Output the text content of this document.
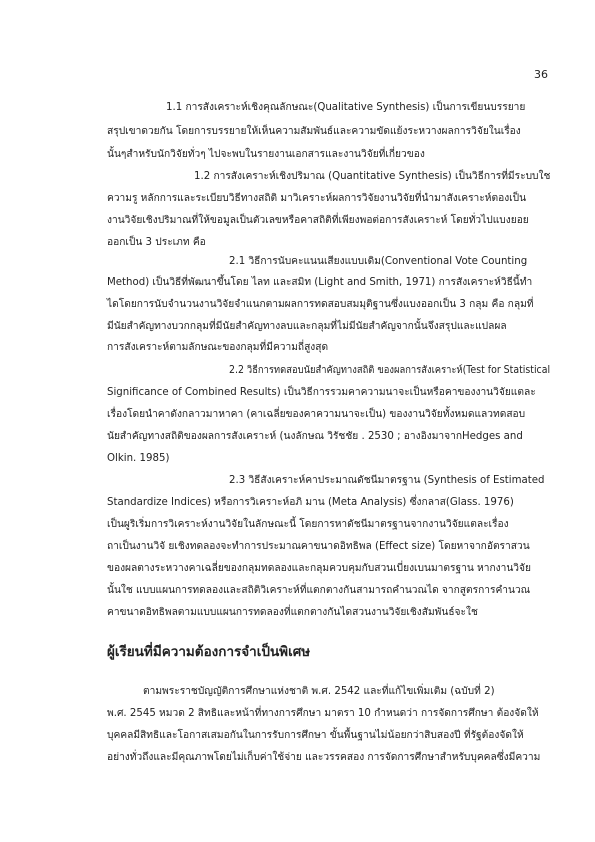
36
1.1 การสังเคราะห์เชิงคุณลักษณะ(Qualitative Synthesis) เป็นการเขียนบรรยาย
สรุปเขาดวยกัน โดยการบรรยายให้เห็นความสัมพันธ์และความขัดแย้งระหวางผลการวิจัยในเรื่อง
นั้นๆสำหรับนักวิจัยทั่วๆ ไปจะพบในรายงานเอกสารและงานวิจัยที่เกี่ยวของ
1.2 การสังเคราะห์เชิงปริมาณ (Quantitative Synthesis) เป็นวิธีการที่มีระบบใช
ความรู หลักการและระเบียบวิธีทางสถิติ มาวิเคราะห์ผลการวิจัยงานวิจัยที่นำมาสังเคราะห์ตองเป็น
งานวิจัยเชิงปริมาณที่ให้ขอมูลเป็นตัวเลขหรือคาสถิติที่เพียงพอต่อการสังเคราะห์ โดยทั่วไปแบงยอย
ออกเป็น 3 ประเภท คือ
2.1 วิธีการนับคะแนนเสียงแบบเดิม(Conventional Vote Counting
Method) เป็นวิธีที่พัฒนาขึ้นโดย ไลท และสมิท (Light and Smith, 1971) การสังเคราะห์วิธีนี้ทำ
ไดโดยการนับจำนวนงานวิจัยจำแนกตามผลการทดสอบสมมุติฐานซึ่งแบงออกเป็น 3 กลุม คือ กลุมที่
มีนัยสำคัญทางบวกกลุมที่มีนัยสำคัญทางลบและกลุมที่ไม่มีนัยสำคัญจากนั้นจึงสรุปและแปลผล
การสังเคราะห์ตามลักษณะของกลุมที่มีความถี่สูงสุด
2.2 วิธีการทดสอบนัยสำคัญทางสถิติ ของผลการสังเคราะห์(Test for Statistical
Significance of Combined Results) เป็นวิธีการรวมคาความนาจะเป็นหรือคาของงานวิจัยแตละ
เรื่องโดยนำคาดังกลาวมาหาคา (คาเฉลี่ยของคาความนาจะเป็น) ของงานวิจัยทั้งหมดแลวทดสอบ
นัยสำคัญทางสถิติของผลการสังเคราะห์ (นงลักษณ วิรัชชัย . 2530 ; อางอิงมาจากHedges and
Olkin. 1985)
2.3 วิธีสังเคราะห์คาประมาณดัชนีมาตรฐาน (Synthesis of Estimated
Standardize Indices) หรือการวิเคราะห์อภิ มาน (Meta Analysis) ซึ่งกลาส(Glass. 1976)
เป็นผูริเริ่มการวิเคราะห์งานวิจัยในลักษณะนี้ โดยการหาดัชนีมาตรฐานจากงานวิจัยแตละเรื่อง
ถาเป็นงานวิจั ยเชิงทดลองจะทำการประมาณคาขนาดอิทธิพล (Effect size) โดยหาจากอัตราสวน
ของผลตางระหวางคาเฉลี่ยของกลุมทดลองและกลุมควบคุมกับสวนเบี่ยงเบนมาตรฐาน หากงานวิจัย
นั้นใช แบบแผนการทดลองและสถิติวิเคราะห์ที่แตกตางกันสามารถคำนวณได จากสูตรการคำนวณ
คาขนาดอิทธิพลตามแบบแผนการทดลองที่แตกตางกันไดสวนงานวิจัยเชิงสัมพันธ์จะใช
ผู้เรียนที่มีความต้องการจำเป็นพิเศษ
ตามพระราชบัญญัติการศึกษาแห่งชาติ พ.ศ. 2542 และที่แก้ไขเพิ่มเติม (ฉบับที่ 2)
พ.ศ. 2545 หมวด 2 สิทธิและหน้าที่ทางการศึกษา มาตรา 10 กำหนดว่า การจัดการศึกษา ต้องจัดให้
บุคคลมีสิทธิและโอกาสเสมอกันในการรับการศึกษา ขั้นพื้นฐานไม่น้อยกว่าสิบสองปี ที่รัฐต้องจัดให้
อย่างทั่วถึงและมีคุณภาพโดยไม่เก็บค่าใช้จ่าย และวรรคสอง การจัดการศึกษาสำหรับบุคคลซึ่งมีความ
